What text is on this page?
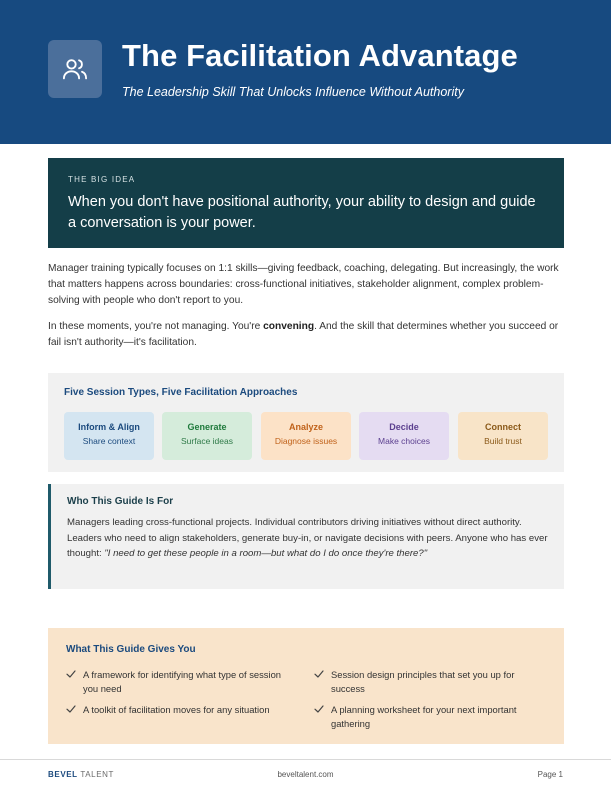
The Facilitation Advantage
The Leadership Skill That Unlocks Influence Without Authority
THE BIG IDEA
When you don't have positional authority, your ability to design and guide a conversation is your power.

Manager training typically focuses on 1:1 skills—giving feedback, coaching, delegating. But increasingly, the work that matters happens across boundaries: cross-functional initiatives, stakeholder alignment, complex problem-solving with people who don't report to you.

In these moments, you're not managing. You're convening. And the skill that determines whether you succeed or fail isn't authority—it's facilitation.

Five Session Types, Five Facilitation Approaches
Inform & Align
Share context
Generate
Surface ideas
Analyze
Diagnose issues
Decide
Make choices
Connect
Build trust
Who This Guide Is For
Managers leading cross-functional projects. Individual contributors driving initiatives without direct authority. Leaders who need to align stakeholders, generate buy-in, or navigate decisions with peers. Anyone who has ever thought: "I need to get these people in a room—but what do I do once they're there?"
What This Guide Gives You
A framework for identifying what type of session you need
Session design principles that set you up for success
A toolkit of facilitation moves for any situation	A planning worksheet for your next important gathering
BEVEL TALENT	beveltalent.com	Page 1
